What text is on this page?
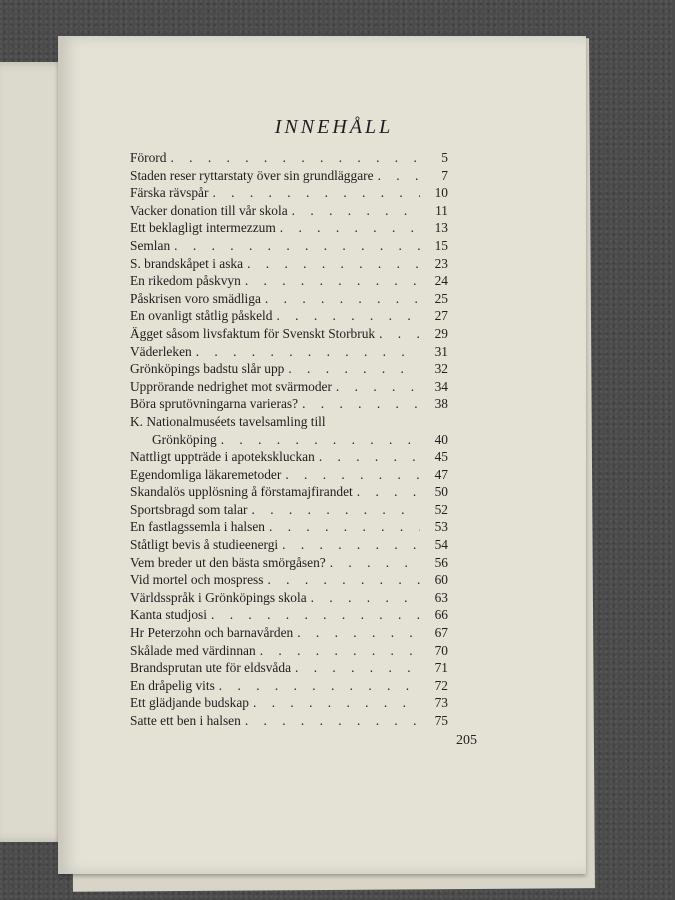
INNEHÅLL
Förord . . .	5
Staden reser ryttarstaty över sin grundläggare . . .	7
Färska rävspår . . .	10
Vacker donation till vår skola . . .	11
Ett beklagligt intermezzum . . .	13
Semlan . . .	15
S. brandskåpet i aska . . .	23
En rikedom påskvyn . . .	24
Påskrisen voro smädliga . . .	25
En ovanligt ståtlig påskeld . . .	27
Ägget såsom livsfaktum för Svenskt Storbruk . . .	29
Väderleken . . .	31
Grönköpings badstu slår upp . . .	32
Upprörande nedrighet mot svärmoder . . .	34
Böra sprutövningarna varieras? . . .	38
K. Nationalmuséets tavelsamling till
Grönköping . . .	40
Nattligt uppträde i apotekskluckan . . .	45
Egendomliga läkaremetoder . . .	47
Skandalös upplösning å förstamajfirandet . . .	50
Sportsbragd som talar . . .	52
En fastlagssemla i halsen . . .	53
Ståtligt bevis å studieenergi . . .	54
Vem breder ut den bästa smörgåsen? . . .	56
Vid mortel och mospress . . .	60
Världsspråk i Grönköpings skola . . .	63
Kanta studjosi . . .	66
Hr Peterzohn och barnavården . . .	67
Skålade med värdinnan . . .	70
Brandsprutan ute för eldsvåda . . .	71
En dråpelig vits . . .	72
Ett glädjande budskap . . .	73
Satte ett ben i halsen . . .	75
205
